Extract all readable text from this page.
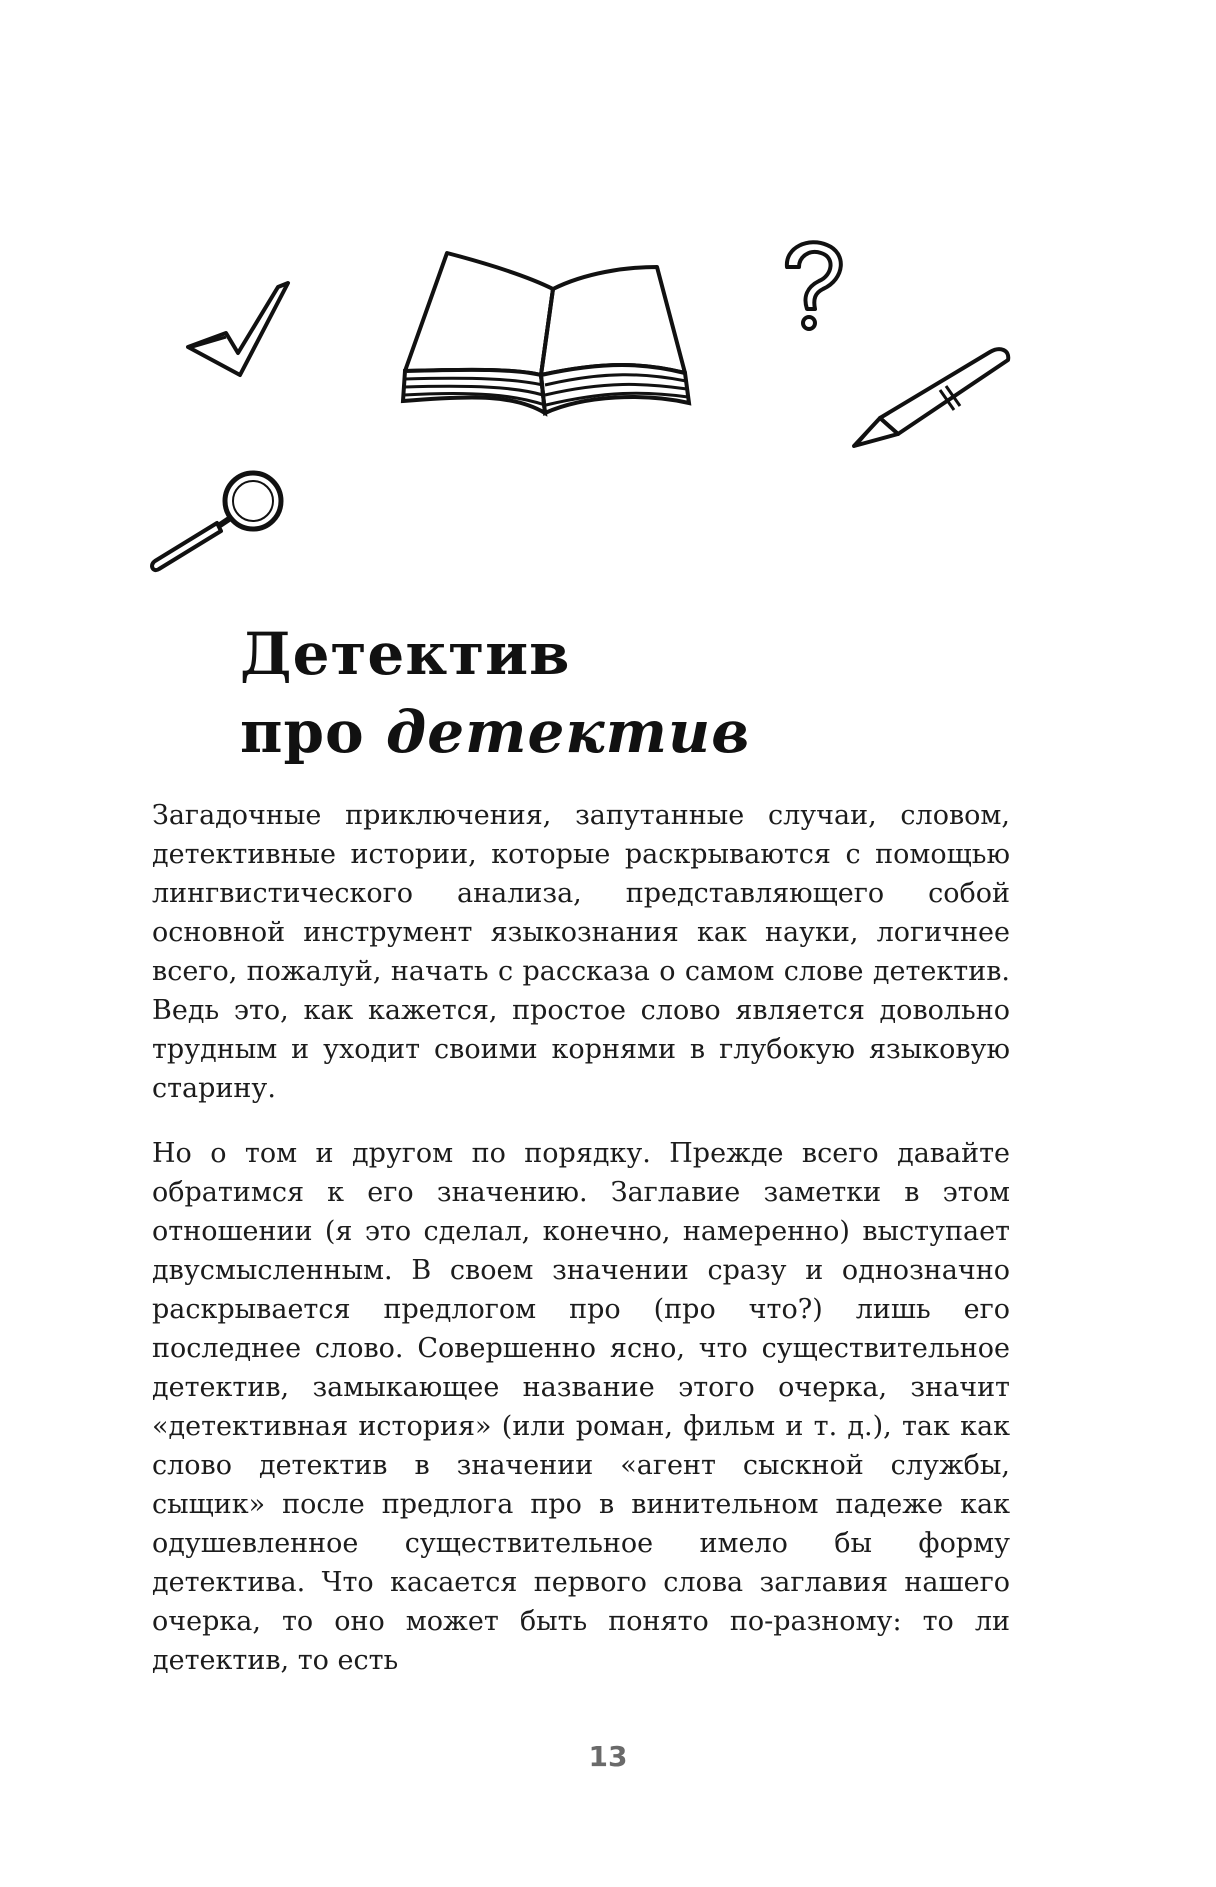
Детектив
про детектив

Загадочные приключения, запутанные случаи, словом, детективные истории, которые раскрываются с помощью лингвистического анализа, представляющего собой основной инструмент языкознания как науки, логичнее всего, пожалуй, начать с рассказа о самом слове детектив. Ведь это, как кажется, простое слово является довольно трудным и уходит своими корнями в глубокую языковую старину.

Но о том и другом по порядку. Прежде всего давайте обратимся к его значению. Заглавие заметки в этом отношении (я это сделал, конечно, намеренно) выступает двусмысленным. В своем значении сразу и однозначно раскрывается предлогом про (про что?) лишь его последнее слово. Совершенно ясно, что существительное детектив, замыкающее название этого очерка, значит «детективная история» (или роман, фильм и т. д.), так как слово детектив в значении «агент сыскной службы, сыщик» после предлога про в винительном падеже как одушевленное существительное имело бы форму детектива. Что касается первого слова заглавия нашего очерка, то оно может быть понято по-разному: то ли детектив, то есть

13
